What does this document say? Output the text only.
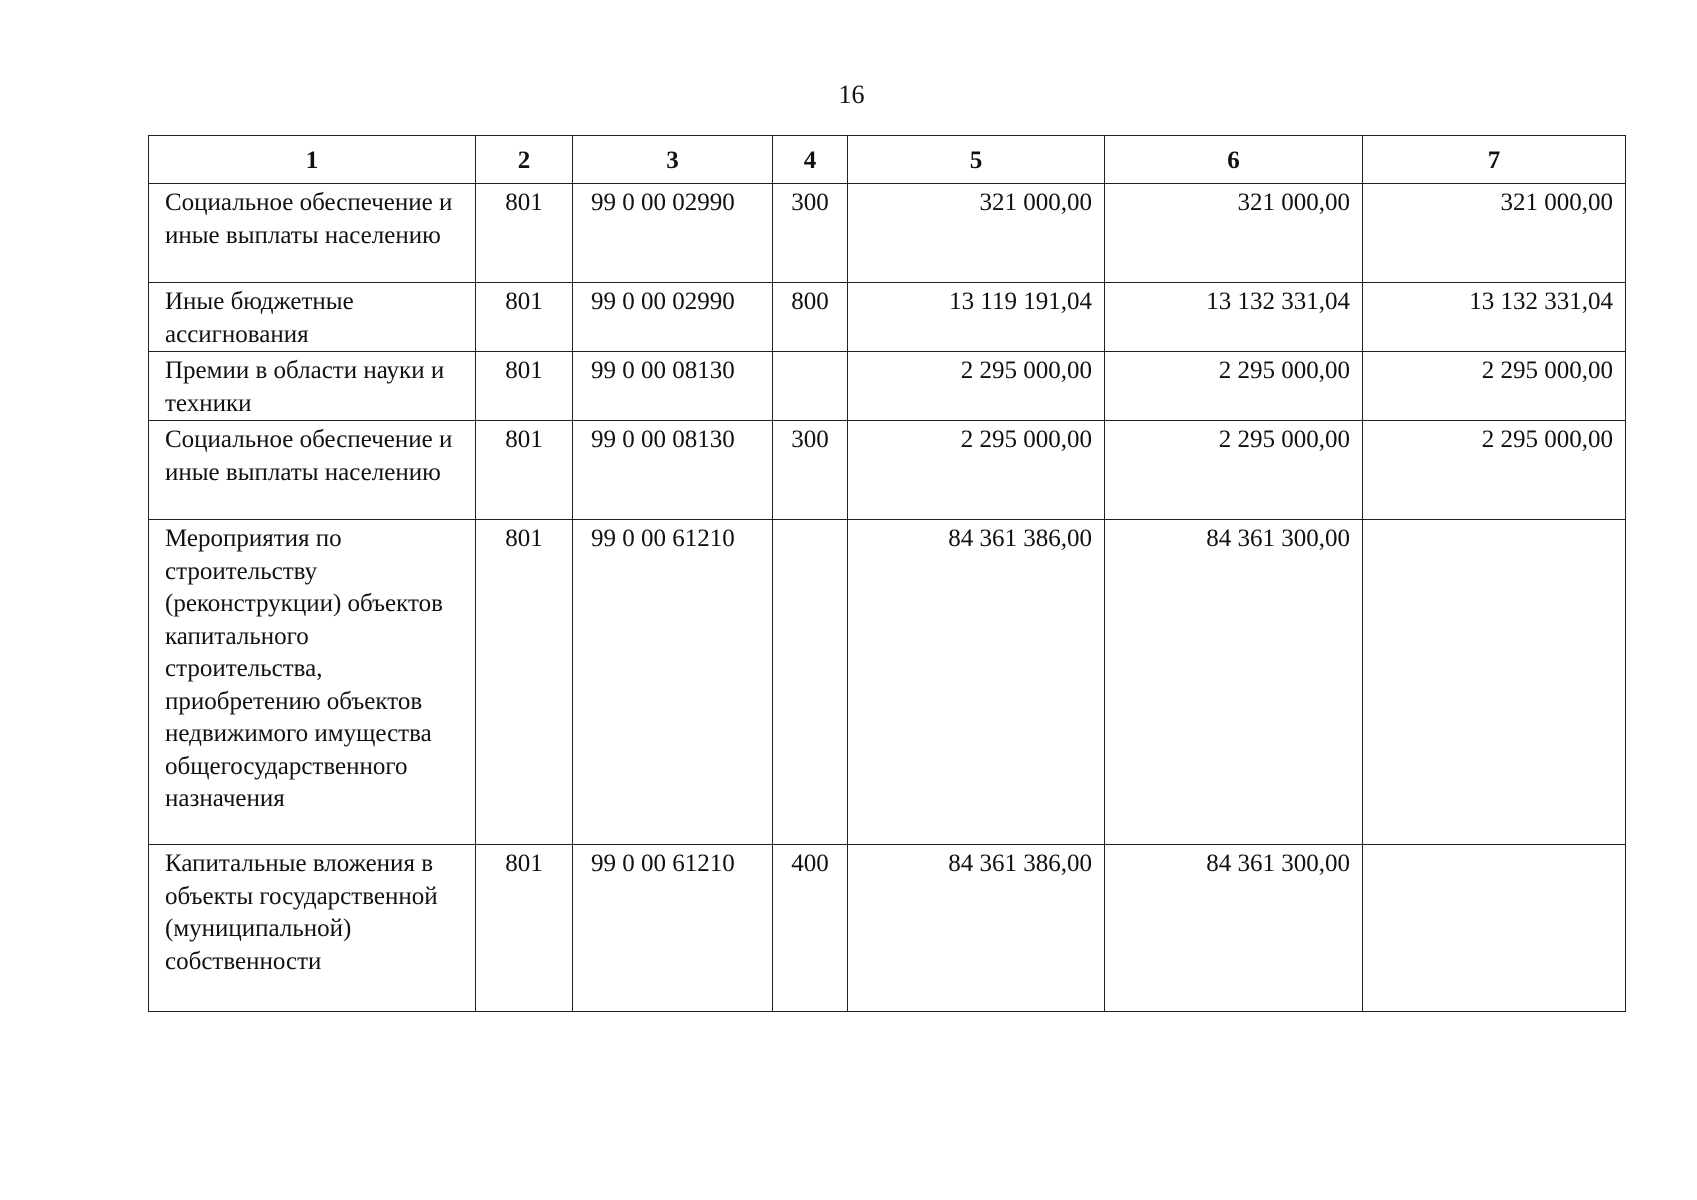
16
1	2	3	4	5	6	7
Социальное обеспечение и иные выплаты населению	801	99 0 00 02990	300	321 000,00	321 000,00	321 000,00
Иные бюджетные ассигнования	801	99 0 00 02990	800	13 119 191,04	13 132 331,04	13 132 331,04
Премии в области науки и техники	801	99 0 00 08130		2 295 000,00	2 295 000,00	2 295 000,00
Социальное обеспечение и иные выплаты населению	801	99 0 00 08130	300	2 295 000,00	2 295 000,00	2 295 000,00
Мероприятия по строительству (реконструкции) объектов капитального строительства, приобретению объектов недвижимого имущества общегосударственного назначения	801	99 0 00 61210		84 361 386,00	84 361 300,00	
Капитальные вложения в объекты государственной (муниципальной) собственности	801	99 0 00 61210	400	84 361 386,00	84 361 300,00	
